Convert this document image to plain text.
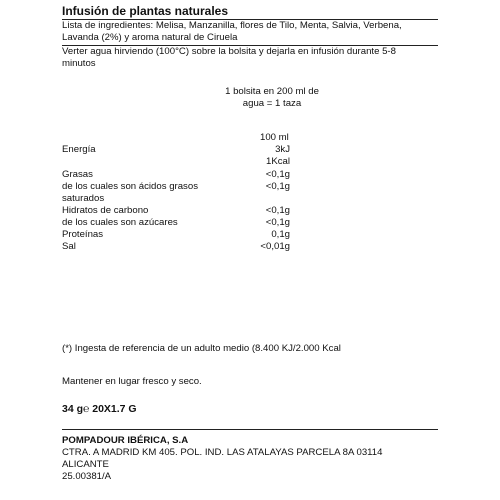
Infusión de plantas naturales
Lista de ingredientes: Melisa, Manzanilla, flores de Tilo, Menta, Salvia, Verbena, Lavanda (2%) y aroma natural de Ciruela
Verter agua hirviendo (100°C) sobre la bolsita y dejarla en infusión durante 5-8 minutos
1 bolsita en 200 ml de
agua = 1 taza
100 ml
Energía	3kJ
1Kcal
Grasas	<0,1g
de los cuales son ácidos grasos	<0,1g
saturados
Hidratos de carbono	<0,1g
de los cuales son azúcares	<0,1g
Proteínas	0,1g
Sal	<0,01g
(*) Ingesta de referencia de un adulto medio (8.400 KJ/2.000 Kcal
Mantener en lugar fresco y seco.
34 g℮ 20X1.7 G
POMPADOUR IBÉRICA, S.A
CTRA. A MADRID KM 405. POL. IND. LAS ATALAYAS PARCELA 8A 03114 ALICANTE
25.00381/A
